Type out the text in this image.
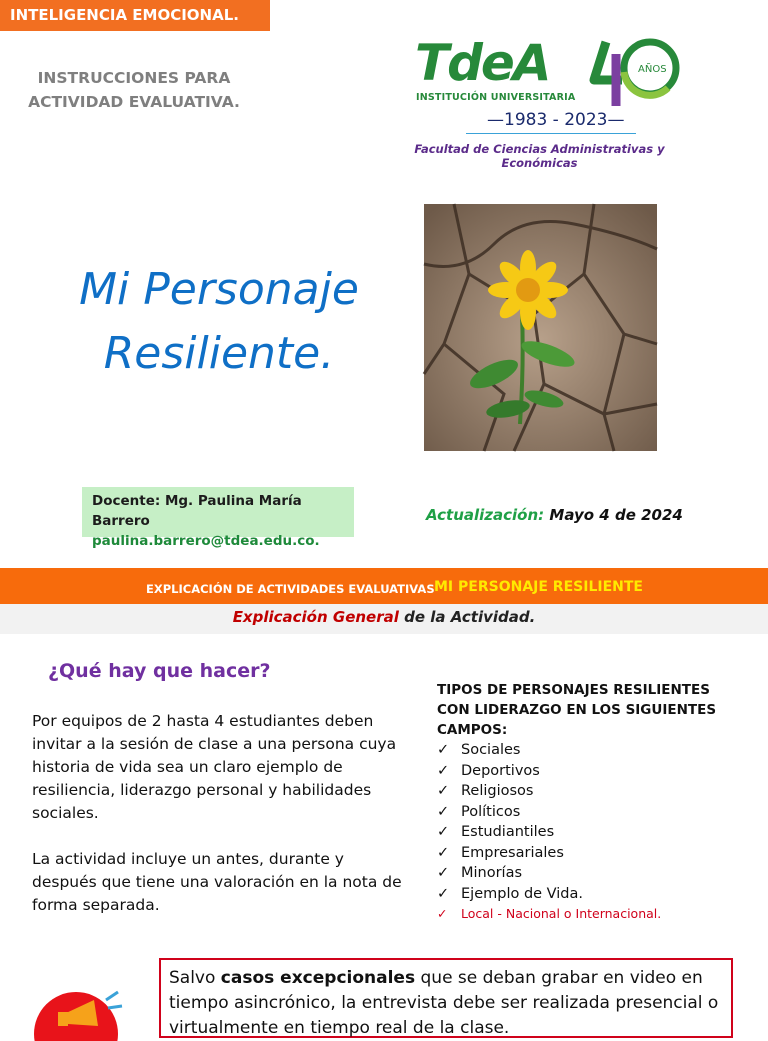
INTELIGENCIA EMOCIONAL.
INSTRUCCIONES PARA
ACTIVIDAD EVALUATIVA.
TdeA	AÑOS
INSTITUCIÓN UNIVERSITARIA
—1983 - 2023—
Facultad de Ciencias Administrativas y
Económicas
Mi Personaje
Resiliente.
Docente: Mg. Paulina María Barrero
paulina.barrero@tdea.edu.co.
Actualización: Mayo 4 de 2024
EXPLICACIÓN DE ACTIVIDADES EVALUATIVAS MI PERSONAJE RESILIENTE
Explicación General de la Actividad.
¿Qué hay que hacer?
Por equipos de 2 hasta 4 estudiantes deben invitar a la sesión de clase a una persona cuya historia de vida sea un claro ejemplo de resiliencia, liderazgo personal y habilidades sociales.
La actividad incluye un antes, durante y después que tiene una valoración en la nota de forma separada.
TIPOS DE PERSONAJES RESILIENTES CON LIDERAZGO EN LOS SIGUIENTES CAMPOS:
✓ Sociales
✓ Deportivos
✓ Religiosos
✓ Políticos
✓ Estudiantiles
✓ Empresariales
✓ Minorías
✓ Ejemplo de Vida.
✓ Local - Nacional o Internacional.
Salvo casos excepcionales que se deban grabar en video en tiempo asincrónico, la entrevista debe ser realizada presencial o virtualmente en tiempo real de la clase.
